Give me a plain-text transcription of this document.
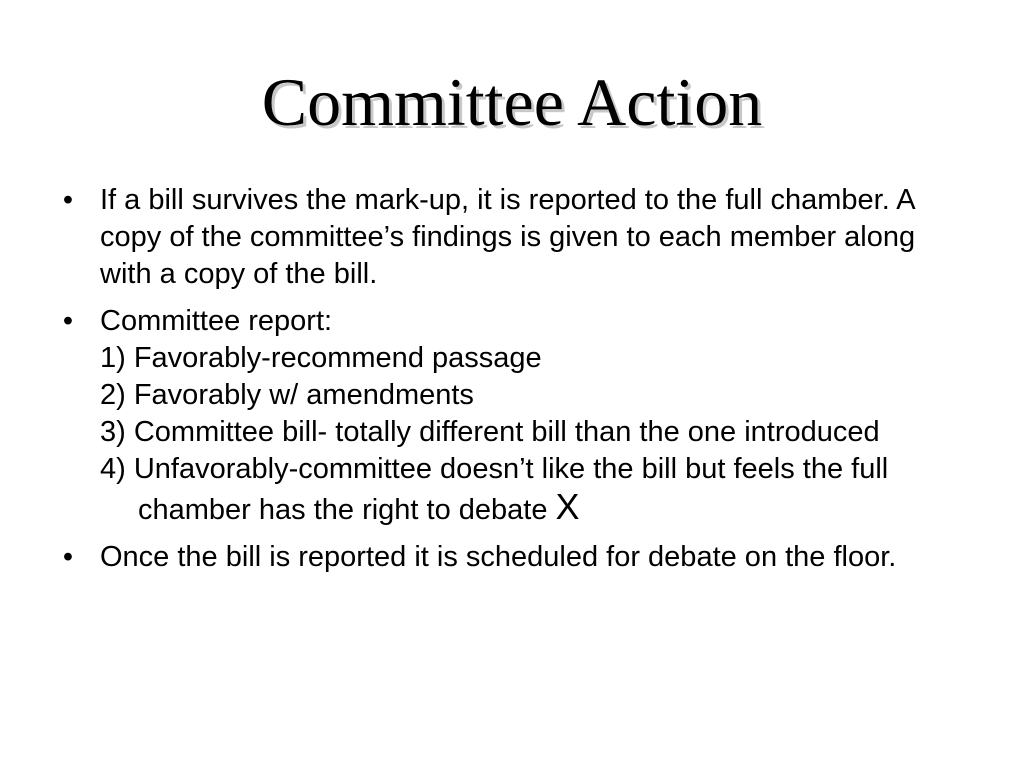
Committee Action
• If a bill survives the mark-up, it is reported to the full chamber. A copy of the committee’s findings is given to each member along with a copy of the bill.
• Committee report:
1) Favorably-recommend passage
2) Favorably w/ amendments
3) Committee bill- totally different bill than the one introduced
4) Unfavorably-committee doesn’t like the bill but feels the full chamber has the right to debate X
• Once the bill is reported it is scheduled for debate on the floor.
